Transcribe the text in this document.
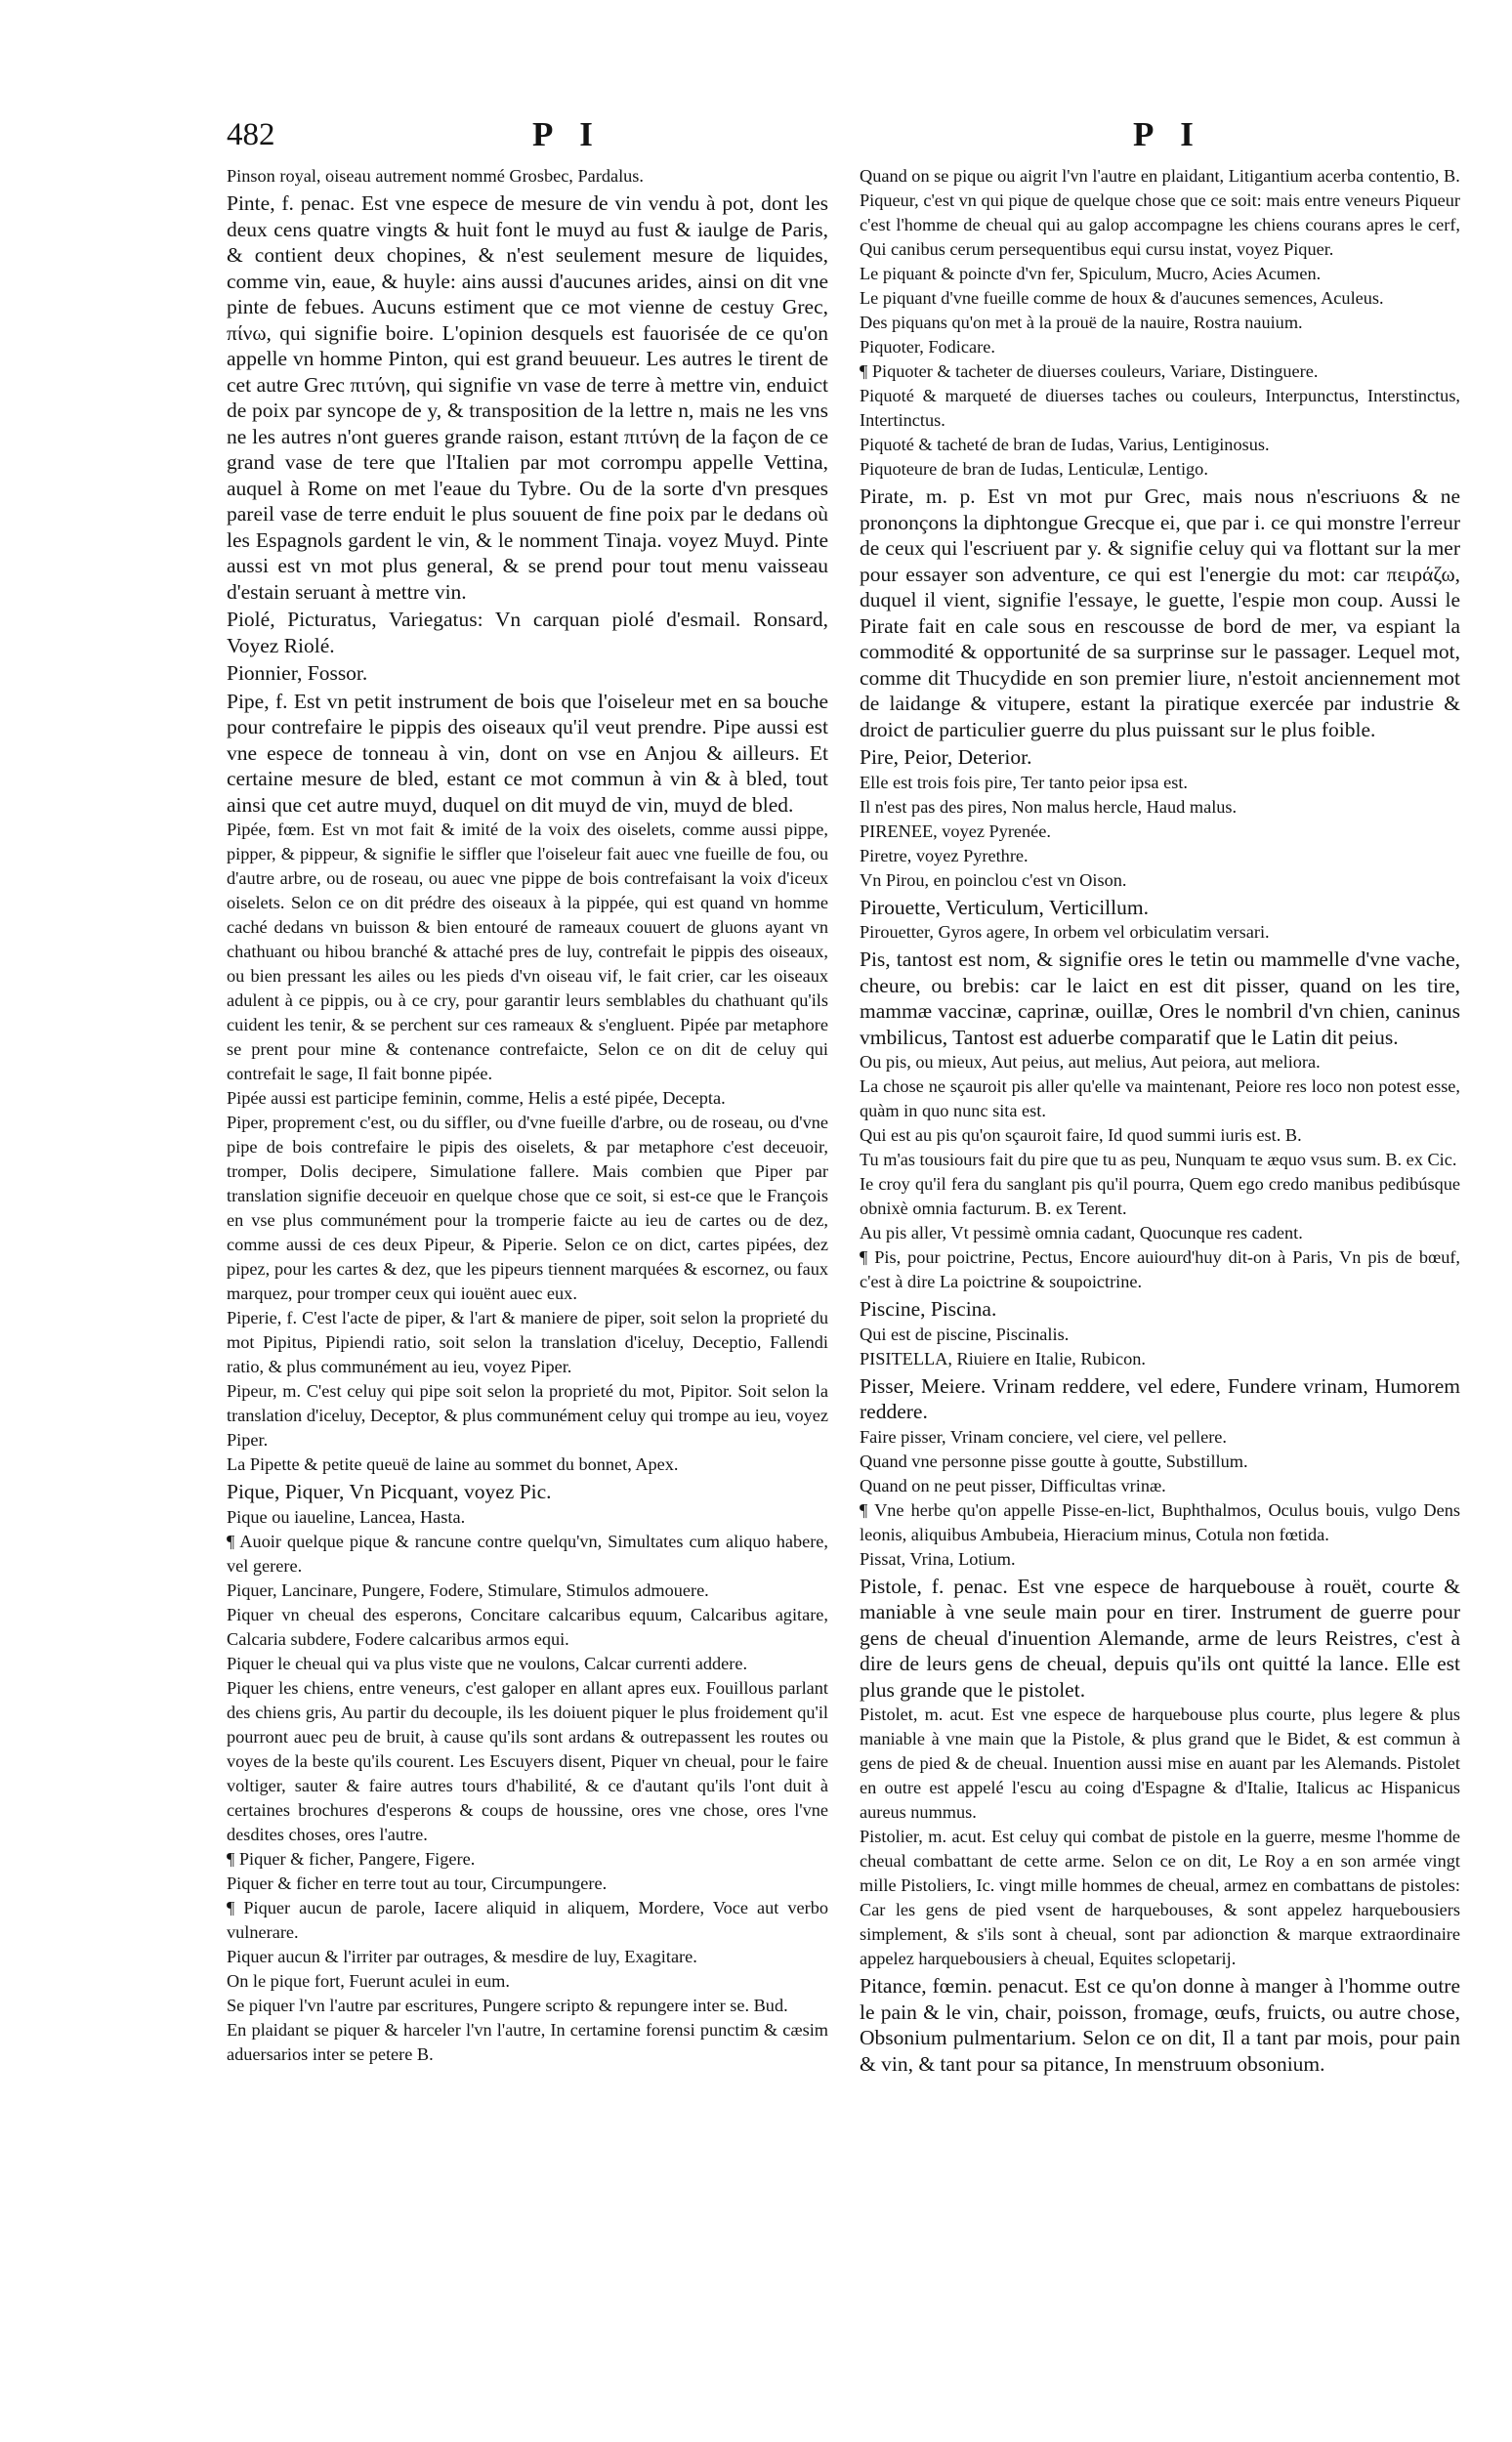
482	P I	P I

Pinson royal, oiseau autrement nommé Grosbec, Pardalus.

Pinte, f. penac. Est vne espece de mesure de vin vendu à pot, dont les deux cens quatre vingts & huit font le muyd au fust & iaulge de Paris, & contient deux chopines, & n'est seulement mesure de liquides, comme vin, eaue, & huyle: ains aussi d'aucunes arides, ainsi on dit vne pinte de febues. Aucuns estiment que ce mot vienne de cestuy Grec, πίνω, qui signifie boire. L'opinion desquels est fauorisée de ce qu'on appelle vn homme Pinton, qui est grand beuueur. Les autres le tirent de cet autre Grec πιτύνη, qui signifie vn vase de terre à mettre vin, enduict de poix par syncope de y, & transposition de la lettre n, mais ne les vns ne les autres n'ont gueres grande raison, estant πιτύνη de la façon de ce grand vase de tere que l'Italien par mot corrompu appelle Vettina, auquel à Rome on met l'eaue du Tybre. Ou de la sorte d'vn presques pareil vase de terre enduit le plus souuent de fine poix par le dedans où les Espagnols gardent le vin, & le nomment Tinaja. voyez Muyd. Pinte aussi est vn mot plus general, & se prend pour tout menu vaisseau d'estain seruant à mettre vin.

Piolé, Picturatus, Variegatus: Vn carquan piolé d'esmail. Ronsard, Voyez Riolé.

Pionnier, Fossor.

Pipe, f. Est vn petit instrument de bois que l'oiseleur met en sa bouche pour contrefaire le pippis des oiseaux qu'il veut prendre. Pipe aussi est vne espece de tonneau à vin, dont on vse en Anjou & ailleurs. Et certaine mesure de bled, estant ce mot commun à vin & à bled, tout ainsi que cet autre muyd, duquel on dit muyd de vin, muyd de bled.

Pipée, fœm. Est vn mot fait & imité de la voix des oiselets, comme aussi pippe, pipper, & pippeur, & signifie le siffler que l'oiseleur fait auec vne fueille de fou, ou d'autre arbre, ou de roseau, ou auec vne pippe de bois contrefaisant la voix d'iceux oiselets. Selon ce on dit prédre des oiseaux à la pippée, qui est quand vn homme caché dedans vn buisson & bien entouré de rameaux couuert de gluons ayant vn chathuant ou hibou branché & attaché pres de luy, contrefait le pippis des oiseaux, ou bien pressant les ailes ou les pieds d'vn oiseau vif, le fait crier, car les oiseaux adulent à ce pippis, ou à ce cry, pour garantir leurs semblables du chathuant qu'ils cuident les tenir, & se perchent sur ces rameaux & s'engluent. Pipée par metaphore se prent pour mine & contenance contrefaicte, Selon ce on dit de celuy qui contrefait le sage, Il fait bonne pipée.

Pipée aussi est participe feminin, comme, Helis a esté pipée, Decepta.

Piper, proprement c'est, ou du siffler, ou d'vne fueille d'arbre, ou de roseau, ou d'vne pipe de bois contrefaire le pipis des oiselets, & par metaphore c'est deceuoir, tromper, Dolis decipere, Simulatione fallere. Mais combien que Piper par translation signifie deceuoir en quelque chose que ce soit, si est-ce que le François en vse plus communément pour la tromperie faicte au ieu de cartes ou de dez, comme aussi de ces deux Pipeur, & Piperie. Selon ce on dict, cartes pipées, dez pipez, pour les cartes & dez, que les pipeurs tiennent marquées & escornez, ou faux marquez, pour tromper ceux qui iouënt auec eux.

Piperie, f. C'est l'acte de piper, & l'art & maniere de piper, soit selon la proprieté du mot Pipitus, Pipiendi ratio, soit selon la translation d'iceluy, Deceptio, Fallendi ratio, & plus communément au ieu, voyez Piper.

Pipeur, m. C'est celuy qui pipe soit selon la proprieté du mot, Pipitor. Soit selon la translation d'iceluy, Deceptor, & plus communément celuy qui trompe au ieu, voyez Piper.

La Pipette & petite queuë de laine au sommet du bonnet, Apex.

Pique, Piquer, Vn Picquant, voyez Pic.

Pique ou iaueline, Lancea, Hasta.

¶ Auoir quelque pique & rancune contre quelqu'vn, Simultates cum aliquo habere, vel gerere.

Piquer, Lancinare, Pungere, Fodere, Stimulare, Stimulos admouere.

Piquer vn cheual des esperons, Concitare calcaribus equum, Calcaribus agitare, Calcaria subdere, Fodere calcaribus armos equi.

Piquer le cheual qui va plus viste que ne voulons, Calcar currenti addere.

Piquer les chiens, entre veneurs, c'est galoper en allant apres eux. Fouillous parlant des chiens gris, Au partir du decouple, ils les doiuent piquer le plus froidement qu'il pourront auec peu de bruit, à cause qu'ils sont ardans & outrepassent les routes ou voyes de la beste qu'ils courent. Les Escuyers disent, Piquer vn cheual, pour le faire voltiger, sauter & faire autres tours d'habilité, & ce d'autant qu'ils l'ont duit à certaines brochures d'esperons & coups de houssine, ores vne chose, ores l'vne desdites choses, ores l'autre.

¶ Piquer & ficher, Pangere, Figere.

Piquer & ficher en terre tout au tour, Circumpungere.

¶ Piquer aucun de parole, Iacere aliquid in aliquem, Mordere, Voce aut verbo vulnerare.

Piquer aucun & l'irriter par outrages, & mesdire de luy, Exagitare.

On le pique fort, Fuerunt aculei in eum.

Se piquer l'vn l'autre par escritures, Pungere scripto & repungere inter se. Bud.

En plaidant se piquer & harceler l'vn l'autre, In certamine forensi punctim & cæsim aduersarios inter se petere B.

Quand on se pique ou aigrit l'vn l'autre en plaidant, Litigantium acerba contentio, B.

Piqueur, c'est vn qui pique de quelque chose que ce soit: mais entre veneurs Piqueur c'est l'homme de cheual qui au galop accompagne les chiens courans apres le cerf, Qui canibus cerum persequentibus equi cursu instat, voyez Piquer.

Le piquant & poincte d'vn fer, Spiculum, Mucro, Acies Acumen.

Le piquant d'vne fueille comme de houx & d'aucunes semences, Aculeus.

Des piquans qu'on met à la prouë de la nauire, Rostra nauium.

Piquoter, Fodicare.

¶ Piquoter & tacheter de diuerses couleurs, Variare, Distinguere.

Piquoté & marqueté de diuerses taches ou couleurs, Interpunctus, Interstinctus, Intertinctus.

Piquoté & tacheté de bran de Iudas, Varius, Lentiginosus.

Piquoteure de bran de Iudas, Lenticulæ, Lentigo.

Pirate, m. p. Est vn mot pur Grec, mais nous n'escriuons & ne prononçons la diphtongue Grecque ei, que par i. ce qui monstre l'erreur de ceux qui l'escriuent par y. & signifie celuy qui va flottant sur la mer pour essayer son adventure, ce qui est l'energie du mot: car πειράζω, duquel il vient, signifie l'essaye, le guette, l'espie mon coup. Aussi le Pirate fait en cale sous en rescousse de bord de mer, va espiant la commodité & opportunité de sa surprinse sur le passager. Lequel mot, comme dit Thucydide en son premier liure, n'estoit anciennement mot de laidange & vitupere, estant la piratique exercée par industrie & droict de particulier guerre du plus puissant sur le plus foible.

Pire, Peior, Deterior.

Elle est trois fois pire, Ter tanto peior ipsa est.

Il n'est pas des pires, Non malus hercle, Haud malus.

PIRENEE, voyez Pyrenée.

Piretre, voyez Pyrethre.

Vn Pirou, en poinclou c'est vn Oison.

Pirouette, Verticulum, Verticillum.

Pirouetter, Gyros agere, In orbem vel orbiculatim versari.

Pis, tantost est nom, & signifie ores le tetin ou mammelle d'vne vache, cheure, ou brebis: car le laict en est dit pisser, quand on les tire, mammæ vaccinæ, caprinæ, ouillæ, Ores le nombril d'vn chien, caninus vmbilicus, Tantost est aduerbe comparatif que le Latin dit peius.

Ou pis, ou mieux, Aut peius, aut melius, Aut peiora, aut meliora.

La chose ne sçauroit pis aller qu'elle va maintenant, Peiore res loco non potest esse, quàm in quo nunc sita est.

Qui est au pis qu'on sçauroit faire, Id quod summi iuris est. B.

Tu m'as tousiours fait du pire que tu as peu, Nunquam te æquo vsus sum. B. ex Cic.

Ie croy qu'il fera du sanglant pis qu'il pourra, Quem ego credo manibus pedibúsque obnixè omnia facturum. B. ex Terent.

Au pis aller, Vt pessimè omnia cadant, Quocunque res cadent.

¶ Pis, pour poictrine, Pectus, Encore auiourd'huy dit-on à Paris, Vn pis de bœuf, c'est à dire La poictrine & soupoictrine.

Piscine, Piscina.

Qui est de piscine, Piscinalis.

PISITELLA, Riuiere en Italie, Rubicon.

Pisser, Meiere. Vrinam reddere, vel edere, Fundere vrinam, Humorem reddere.

Faire pisser, Vrinam conciere, vel ciere, vel pellere.

Quand vne personne pisse goutte à goutte, Substillum.

Quand on ne peut pisser, Difficultas vrinæ.

¶ Vne herbe qu'on appelle Pisse-en-lict, Buphthalmos, Oculus bouis, vulgo Dens leonis, aliquibus Ambubeia, Hieracium minus, Cotula non fœtida.

Pissat, Vrina, Lotium.

Pistole, f. penac. Est vne espece de harquebouse à rouët, courte & maniable à vne seule main pour en tirer. Instrument de guerre pour gens de cheual d'inuention Alemande, arme de leurs Reistres, c'est à dire de leurs gens de cheual, depuis qu'ils ont quitté la lance. Elle est plus grande que le pistolet.

Pistolet, m. acut. Est vne espece de harquebouse plus courte, plus legere & plus maniable à vne main que la Pistole, & plus grand que le Bidet, & est commun à gens de pied & de cheual. Inuention aussi mise en auant par les Alemands. Pistolet en outre est appelé l'escu au coing d'Espagne & d'Italie, Italicus ac Hispanicus aureus nummus.

Pistolier, m. acut. Est celuy qui combat de pistole en la guerre, mesme l'homme de cheual combattant de cette arme. Selon ce on dit, Le Roy a en son armée vingt mille Pistoliers, Ic. vingt mille hommes de cheual, armez en combattans de pistoles: Car les gens de pied vsent de harquebouses, & sont appelez harquebousiers simplement, & s'ils sont à cheual, sont par adionction & marque extraordinaire appelez harquebousiers à cheual, Equites sclopetarij.

Pitance, fœmin. penacut. Est ce qu'on donne à manger à l'homme outre le pain & le vin, chair, poisson, fromage, œufs, fruicts, ou autre chose, Obsonium pulmentarium. Selon ce on dit, Il a tant par mois, pour pain & vin, & tant pour sa pitance, In menstruum obsonium.
